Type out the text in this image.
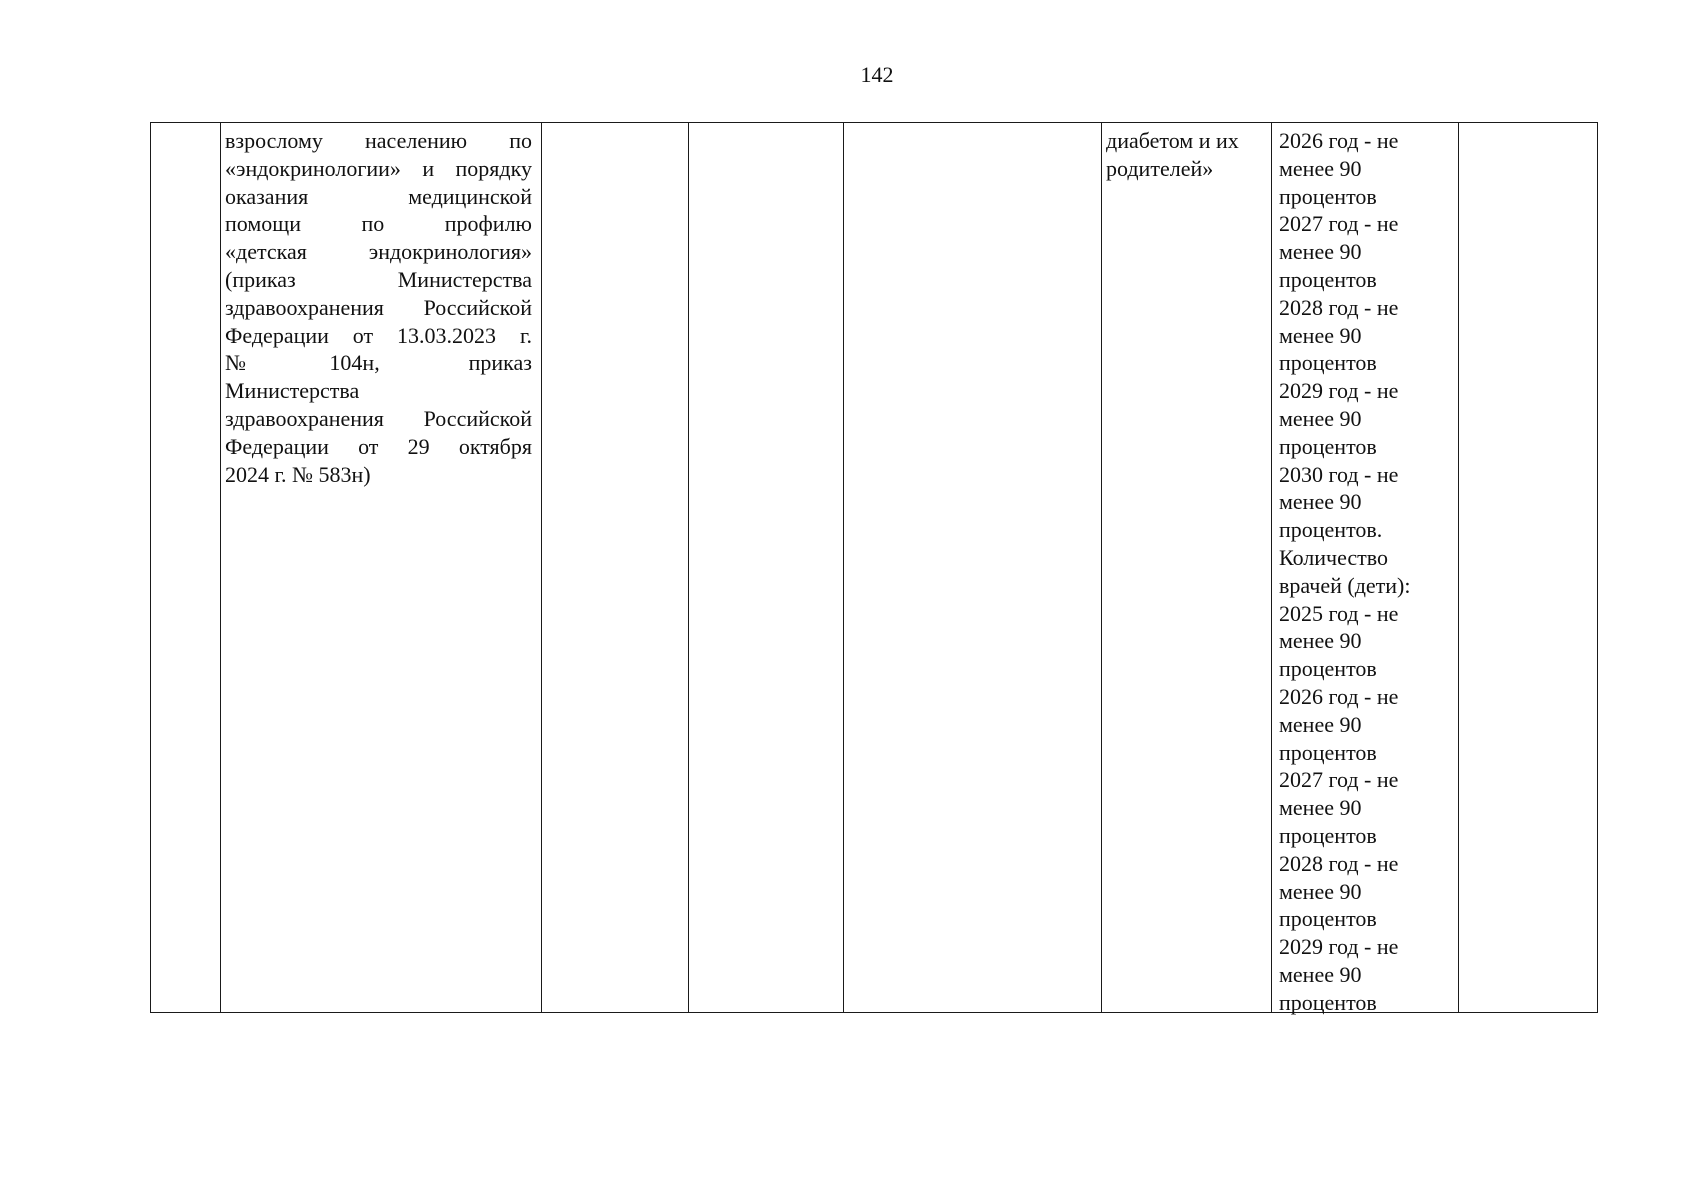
142
взрослому населению по
«эндокринологии» и порядку
оказания медицинской
помощи по профилю
«детская эндокринология»
(приказ Министерства
здравоохранения Российской
Федерации от 13.03.2023 г.
№104н, приказ
Министерства
здравоохранения Российской
Федерации от 29 октября
2024 г. № 583н)
диабетом и их
родителей»
2026 год - не
менее 90
процентов
2027 год - не
менее 90
процентов
2028 год - не
менее 90
процентов
2029 год - не
менее 90
процентов
2030 год - не
менее 90
процентов.
Количество
врачей (дети):
2025 год - не
менее 90
процентов
2026 год - не
менее 90
процентов
2027 год - не
менее 90
процентов
2028 год - не
менее 90
процентов
2029 год - не
менее 90
процентов
